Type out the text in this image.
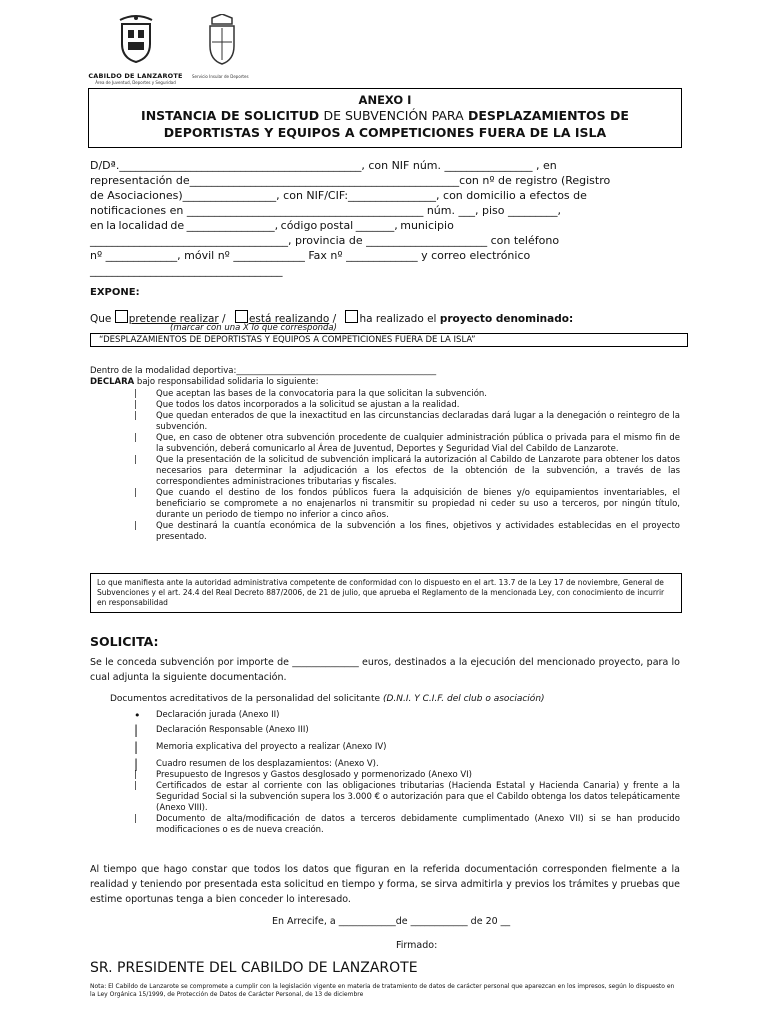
CABILDO DE LANZAROTE
Área de Juventud, Deportes y Seguridad
Servicio Insular de Deportes
ANEXO I
INSTANCIA DE SOLICITUD DE SUBVENCIÓN PARA DESPLAZAMIENTOS DE
DEPORTISTAS Y EQUIPOS A COMPETICIONES FUERA DE LA ISLA
D/Dª.____________________________________________, con NIF núm. ________________ , en
representación de_________________________________________________con nº de registro (Registro
de Asociaciones)_________________, con NIF/CIF:________________, con domicilio a efectos de
notificaciones en ___________________________________________ núm. ___, piso _________,
en la localidad de ________________, código postal _______, municipio
____________________________________, provincia de ______________________ con teléfono
nº _____________, móvil nº _____________ Fax nº _____________ y correo electrónico
___________________________________
EXPONE:
Que pretende realizar / está realizando / ha realizado el proyecto denominado:
(marcar con una X lo que corresponda)
“DESPLAZAMIENTOS DE DEPORTISTAS Y EQUIPOS A COMPETICIONES FUERA DE LA ISLA”
Dentro de la modalidad deportiva:_______________________________________________
DECLARA bajo responsabilidad solidaria lo siguiente:
| Que aceptan las bases de la convocatoria para la que solicitan la subvención.
| Que todos los datos incorporados a la solicitud se ajustan a la realidad.
| Que quedan enterados de que la inexactitud en las circunstancias declaradas dará lugar a la denegación o reintegro de la subvención.
| Que, en caso de obtener otra subvención procedente de cualquier administración pública o privada para el mismo fin de la subvención, deberá comunicarlo al Área de Juventud, Deportes y Seguridad Vial del Cabildo de Lanzarote.
| Que la presentación de la solicitud de subvención implicará la autorización al Cabildo de Lanzarote para obtener los datos necesarios para determinar la adjudicación a los efectos de la obtención de la subvención, a través de las correspondientes administraciones tributarias y fiscales.
| Que cuando el destino de los fondos públicos fuera la adquisición de bienes y/o equipamientos inventariables, el beneficiario se compromete a no enajenarlos ni transmitir su propiedad ni ceder su uso a terceros, por ningún título, durante un periodo de tiempo no inferior a cinco años.
| Que destinará la cuantía económica de la subvención a los fines, objetivos y actividades establecidas en el proyecto presentado.
Lo que manifiesta ante la autoridad administrativa competente de conformidad con lo dispuesto en el art. 13.7 de la Ley 17 de noviembre, General de Subvenciones y el art. 24.4 del Real Decreto 887/2006, de 21 de julio, que aprueba el Reglamento de la mencionada Ley, con conocimiento de incurrir en responsabilidad
SOLICITA:
Se le conceda subvención por importe de ______________ euros, destinados a la ejecución del mencionado proyecto, para lo cual adjunta la siguiente documentación.
Documentos acreditativos de la personalidad del solicitante (D.N.I. Y C.I.F. del club o asociación)
• Declaración jurada (Anexo II)
| Declaración Responsable (Anexo III)
| Memoria explicativa del proyecto a realizar (Anexo IV)
| Cuadro resumen de los desplazamientos: (Anexo V).
| Presupuesto de Ingresos y Gastos desglosado y pormenorizado (Anexo VI)
| Certificados de estar al corriente con las obligaciones tributarias (Hacienda Estatal y Hacienda Canaria) y frente a la Seguridad Social si la subvención supera los 3.000 € o autorización para que el Cabildo obtenga los datos telepáticamente (Anexo VIII).
| Documento de alta/modificación de datos a terceros debidamente cumplimentado (Anexo VII) si se han producido modificaciones o es de nueva creación.
Al tiempo que hago constar que todos los datos que figuran en la referida documentación corresponden fielmente a la realidad y teniendo por presentada esta solicitud en tiempo y forma, se sirva admitirla y previos los trámites y pruebas que estime oportunas tenga a bien conceder lo interesado.
En Arrecife, a ____________de ____________ de 20 __
Firmado:
SR. PRESIDENTE DEL CABILDO DE LANZAROTE
Nota: El Cabildo de Lanzarote se compromete a cumplir con la legislación vigente en materia de tratamiento de datos de carácter personal que aparezcan en los impresos, según lo dispuesto en la Ley Orgánica 15/1999, de Protección de Datos de Carácter Personal, de 13 de diciembre
